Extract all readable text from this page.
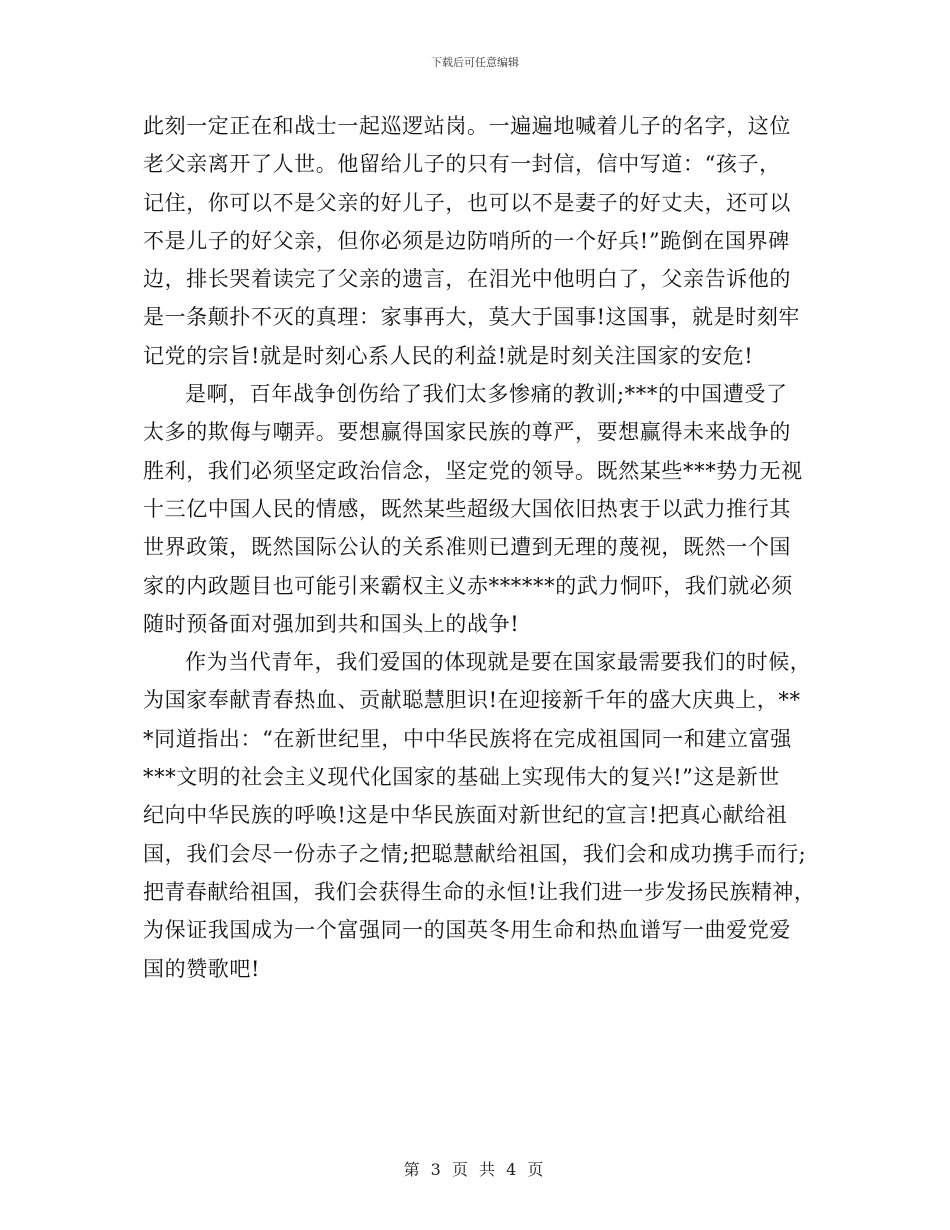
下载后可任意编辑
此刻一定正在和战士一起巡逻站岗。一遍遍地喊着儿子的名字，这位
老父亲离开了人世。他留给儿子的只有一封信，信中写道：“孩子，
记住，你可以不是父亲的好儿子，也可以不是妻子的好丈夫，还可以
不是儿子的好父亲，但你必须是边防哨所的一个好兵!”跪倒在国界碑
边，排长哭着读完了父亲的遗言，在泪光中他明白了，父亲告诉他的
是一条颠扑不灭的真理：家事再大，莫大于国事!这国事，就是时刻牢
记党的宗旨!就是时刻心系人民的利益!就是时刻关注国家的安危!
是啊，百年战争创伤给了我们太多惨痛的教训;***的中国遭受了
太多的欺侮与嘲弄。要想赢得国家民族的尊严，要想赢得未来战争的
胜利，我们必须坚定政治信念，坚定党的领导。既然某些***势力无视
十三亿中国人民的情感，既然某些超级大国依旧热衷于以武力推行其
世界政策，既然国际公认的关系准则已遭到无理的蔑视，既然一个国
家的内政题目也可能引来霸权主义赤******的武力恫吓，我们就必须
随时预备面对强加到共和国头上的战争!
作为当代青年，我们爱国的体现就是要在国家最需要我们的时候，
为国家奉献青春热血、贡献聪慧胆识!在迎接新千年的盛大庆典上，**
*同道指出：“在新世纪里，中中华民族将在完成祖国同一和建立富强
***文明的社会主义现代化国家的基础上实现伟大的复兴!”这是新世
纪向中华民族的呼唤!这是中华民族面对新世纪的宣言!把真心献给祖
国，我们会尽一份赤子之情;把聪慧献给祖国，我们会和成功携手而行;
把青春献给祖国，我们会获得生命的永恒!让我们进一步发扬民族精神，
为保证我国成为一个富强同一的国英冬用生命和热血谱写一曲爱党爱
国的赞歌吧!
第 3 页 共 4 页
